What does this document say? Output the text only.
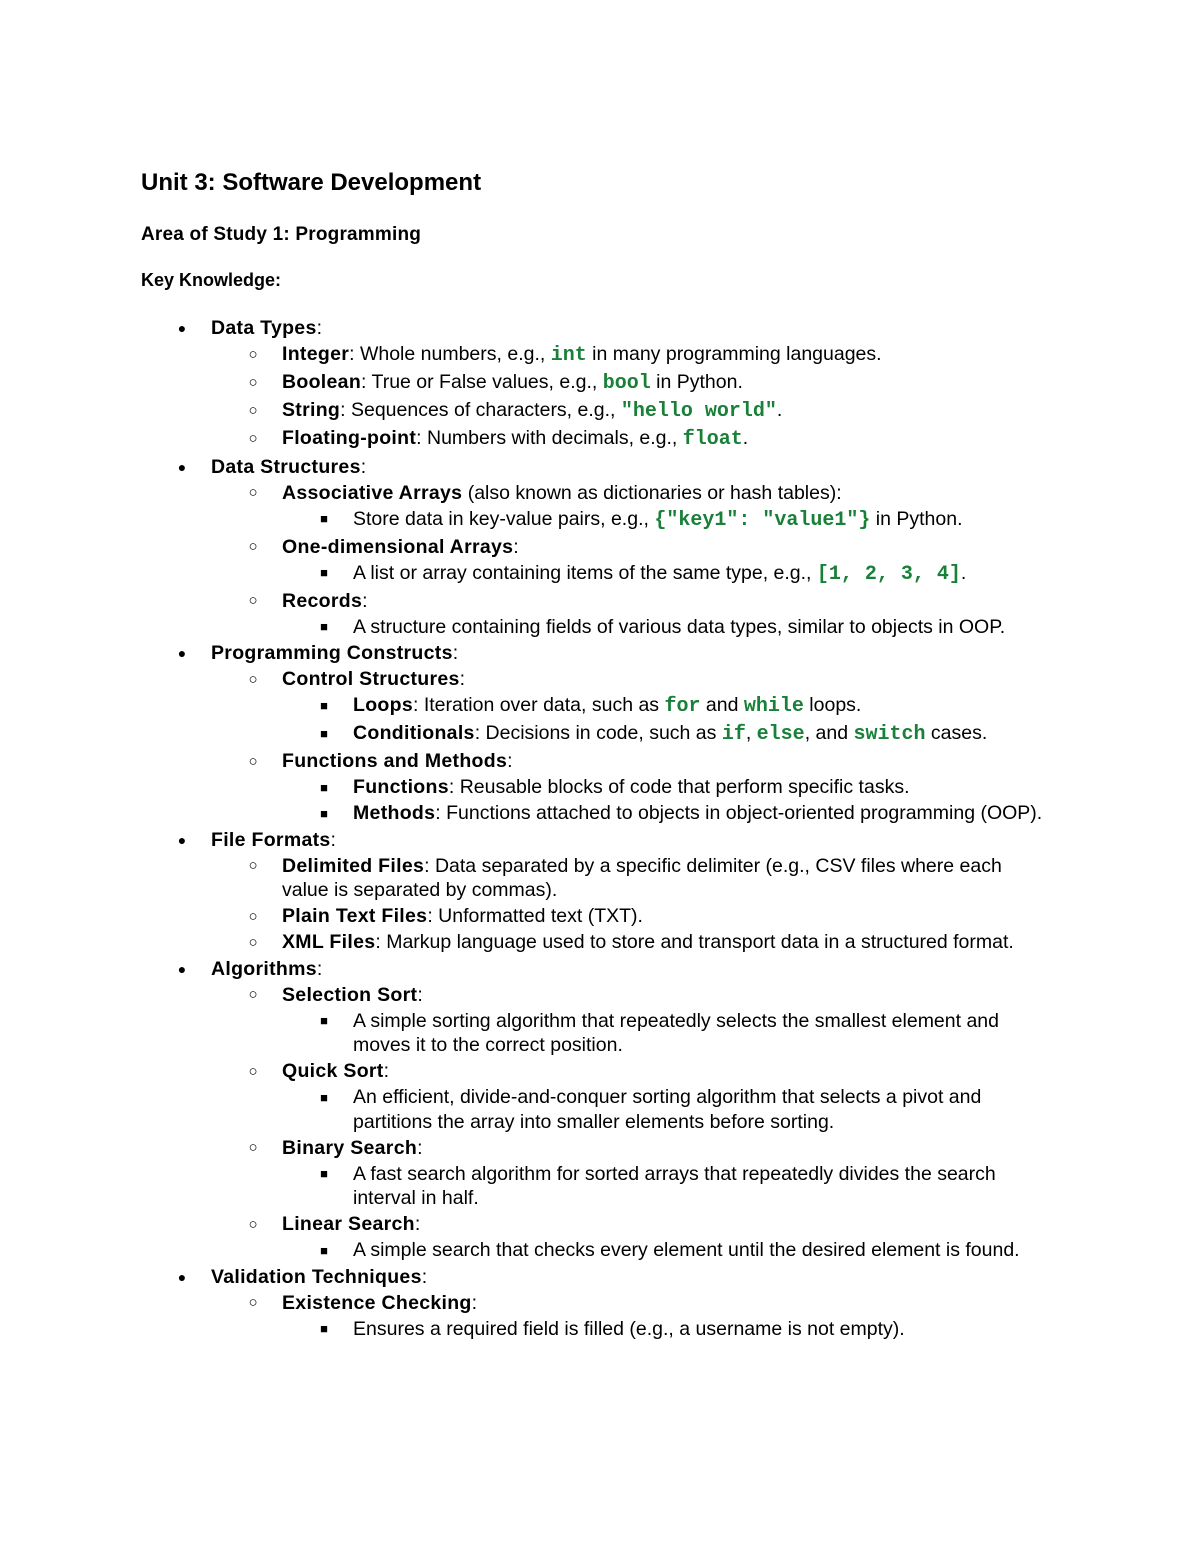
Unit 3: Software Development
Area of Study 1: Programming
Key Knowledge:
● Data Types:
○ Integer: Whole numbers, e.g., int in many programming languages.
○ Boolean: True or False values, e.g., bool in Python.
○ String: Sequences of characters, e.g., "hello world".
○ Floating-point: Numbers with decimals, e.g., float.
● Data Structures:
○ Associative Arrays (also known as dictionaries or hash tables):
■ Store data in key-value pairs, e.g., {"key1": "value1"} in Python.
○ One-dimensional Arrays:
■ A list or array containing items of the same type, e.g., [1, 2, 3, 4].
○ Records:
■ A structure containing fields of various data types, similar to objects in OOP.
● Programming Constructs:
○ Control Structures:
■ Loops: Iteration over data, such as for and while loops.
■ Conditionals: Decisions in code, such as if, else, and switch cases.
○ Functions and Methods:
■ Functions: Reusable blocks of code that perform specific tasks.
■ Methods: Functions attached to objects in object-oriented programming (OOP).
● File Formats:
○ Delimited Files: Data separated by a specific delimiter (e.g., CSV files where each value is separated by commas).
○ Plain Text Files: Unformatted text (TXT).
○ XML Files: Markup language used to store and transport data in a structured format.
● Algorithms:
○ Selection Sort:
■ A simple sorting algorithm that repeatedly selects the smallest element and moves it to the correct position.
○ Quick Sort:
■ An efficient, divide-and-conquer sorting algorithm that selects a pivot and partitions the array into smaller elements before sorting.
○ Binary Search:
■ A fast search algorithm for sorted arrays that repeatedly divides the search interval in half.
○ Linear Search:
■ A simple search that checks every element until the desired element is found.
● Validation Techniques:
○ Existence Checking:
■ Ensures a required field is filled (e.g., a username is not empty).
